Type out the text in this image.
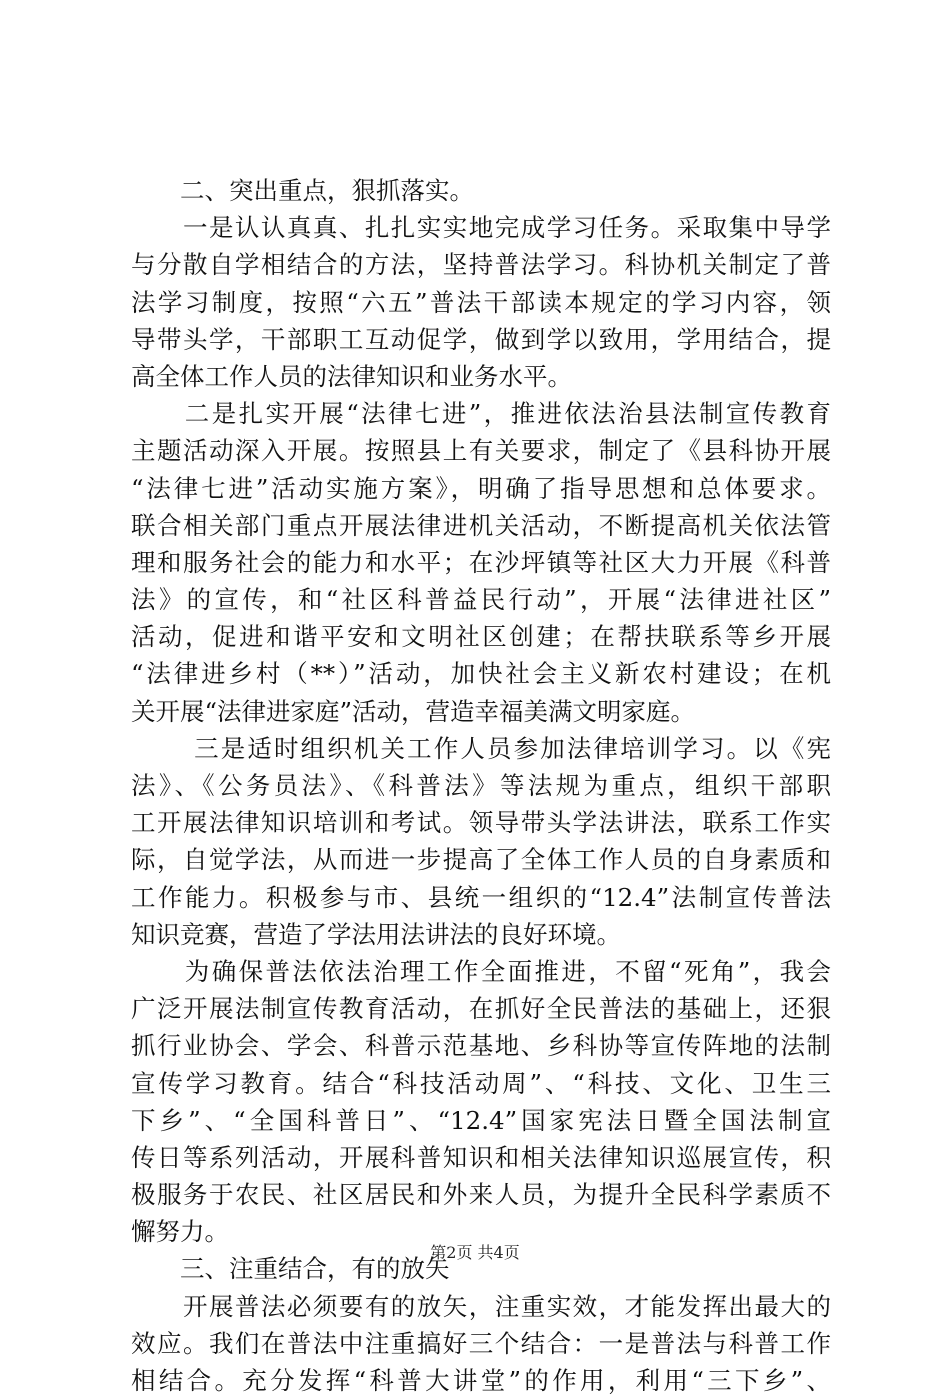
　　二、突出重点，狠抓落实。
　　一是认认真真、扎扎实实地完成学习任务。采取集中导学
与分散自学相结合的方法，坚持普法学习。科协机关制定了普
法学习制度，按照“六五”普法干部读本规定的学习内容，领
导带头学，干部职工互动促学，做到学以致用，学用结合，提
高全体工作人员的法律知识和业务水平。
　　二是扎实开展“法律七进”，推进依法治县法制宣传教育
主题活动深入开展。按照县上有关要求，制定了《县科协开展
“法律七进”活动实施方案》，明确了指导思想和总体要求。
联合相关部门重点开展法律进机关活动，不断提高机关依法管
理和服务社会的能力和水平；在沙坪镇等社区大力开展《科普
法》的宣传，和“社区科普益民行动”，开展“法律进社区”
活动，促进和谐平安和文明社区创建；在帮扶联系等乡开展
“法律进乡村（**）”活动，加快社会主义新农村建设；在机
关开展“法律进家庭”活动，营造幸福美满文明家庭。
　　 三是适时组织机关工作人员参加法律培训学习。以《宪
法》、《公务员法》、《科普法》等法规为重点，组织干部职
工开展法律知识培训和考试。领导带头学法讲法，联系工作实
际，自觉学法，从而进一步提高了全体工作人员的自身素质和
工作能力。积极参与市、县统一组织的“12.4”法制宣传普法
知识竞赛，营造了学法用法讲法的良好环境。
　　为确保普法依法治理工作全面推进，不留“死角”，我会
广泛开展法制宣传教育活动，在抓好全民普法的基础上，还狠
抓行业协会、学会、科普示范基地、乡科协等宣传阵地的法制
宣传学习教育。结合“科技活动周”、“科技、文化、卫生三
下乡”、“全国科普日”、“12.4”国家宪法日暨全国法制宣
传日等系列活动，开展科普知识和相关法律知识巡展宣传，积
极服务于农民、社区居民和外来人员，为提升全民科学素质不
懈努力。
　　三、注重结合，有的放矢
　　开展普法必须要有的放矢，注重实效，才能发挥出最大的
效应。我们在普法中注重搞好三个结合：一是普法与科普工作
相结合。充分发挥“科普大讲堂”的作用，利用“三下乡”、
第2页 共4页
